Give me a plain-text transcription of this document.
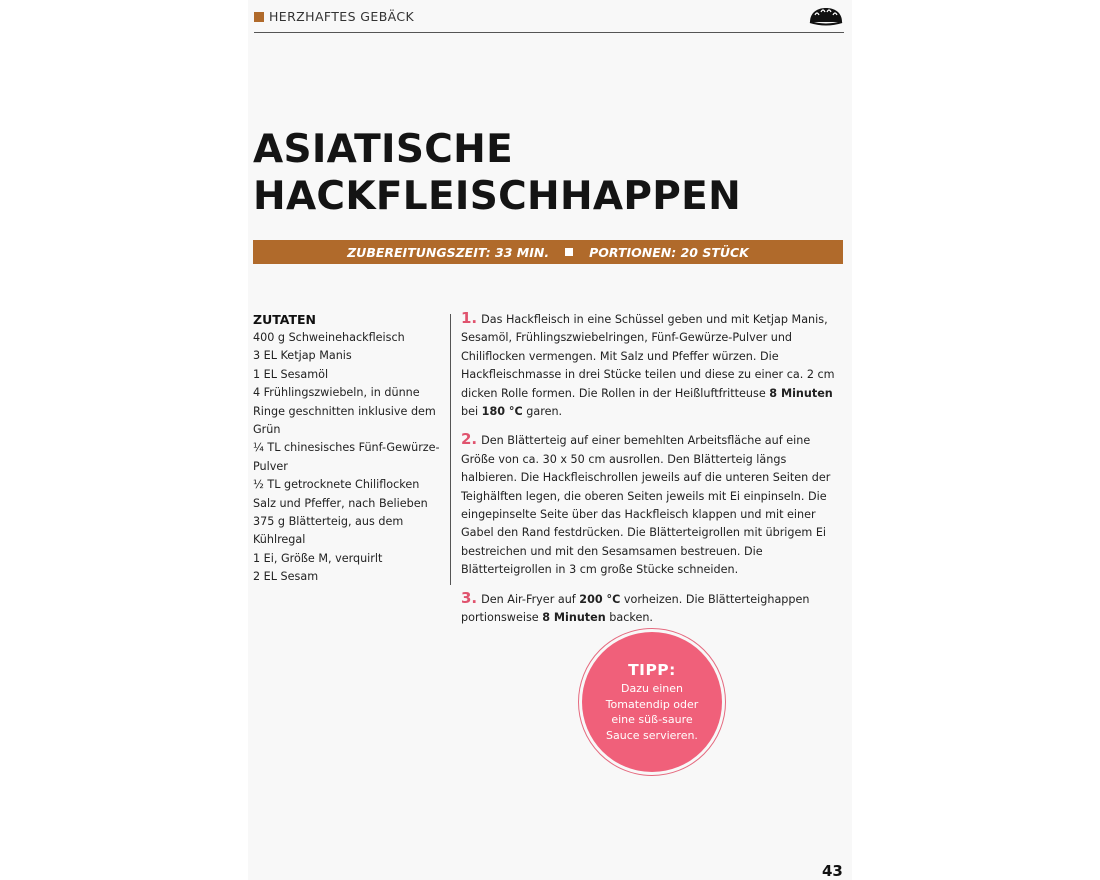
HERZHAFTES GEBÄCK
ASIATISCHE
HACKFLEISCHHAPPEN
ZUBEREITUNGSZEIT: 33 MIN.	PORTIONEN: 20 STÜCK
ZUTATEN
400 g Schweinehackfleisch
3 EL Ketjap Manis
1 EL Sesamöl
4 Frühlingszwiebeln, in dünne Ringe geschnitten inklusive dem Grün
¼ TL chinesisches Fünf-Gewürze-Pulver
½ TL getrocknete Chiliflocken
Salz und Pfeffer, nach Belieben
375 g Blätterteig, aus dem Kühlregal
1 Ei, Größe M, verquirlt
2 EL Sesam

1. Das Hackfleisch in eine Schüssel geben und mit Ketjap Manis, Sesamöl, Frühlingszwiebelringen, Fünf-Gewürze-Pulver und Chiliflocken vermengen. Mit Salz und Pfeffer würzen. Die Hackfleischmasse in drei Stücke teilen und diese zu einer ca. 2 cm dicken Rolle formen. Die Rollen in der Heißluftfritteuse 8 Minuten bei 180 °C garen.

2. Den Blätterteig auf einer bemehlten Arbeitsfläche auf eine Größe von ca. 30 x 50 cm ausrollen. Den Blätterteig längs halbieren. Die Hackfleischrollen jeweils auf die unteren Seiten der Teighälften legen, die oberen Seiten jeweils mit Ei einpinseln. Die eingepinselte Seite über das Hackfleisch klappen und mit einer Gabel den Rand festdrücken. Die Blätterteigrollen mit übrigem Ei bestreichen und mit den Sesamsamen bestreuen. Die Blätterteigrollen in 3 cm große Stücke schneiden.

3. Den Air-Fryer auf 200 °C vorheizen. Die Blätterteighappen portionsweise 8 Minuten backen.

TIPP:
Dazu einen Tomatendip oder eine süß-saure Sauce servieren.
43
